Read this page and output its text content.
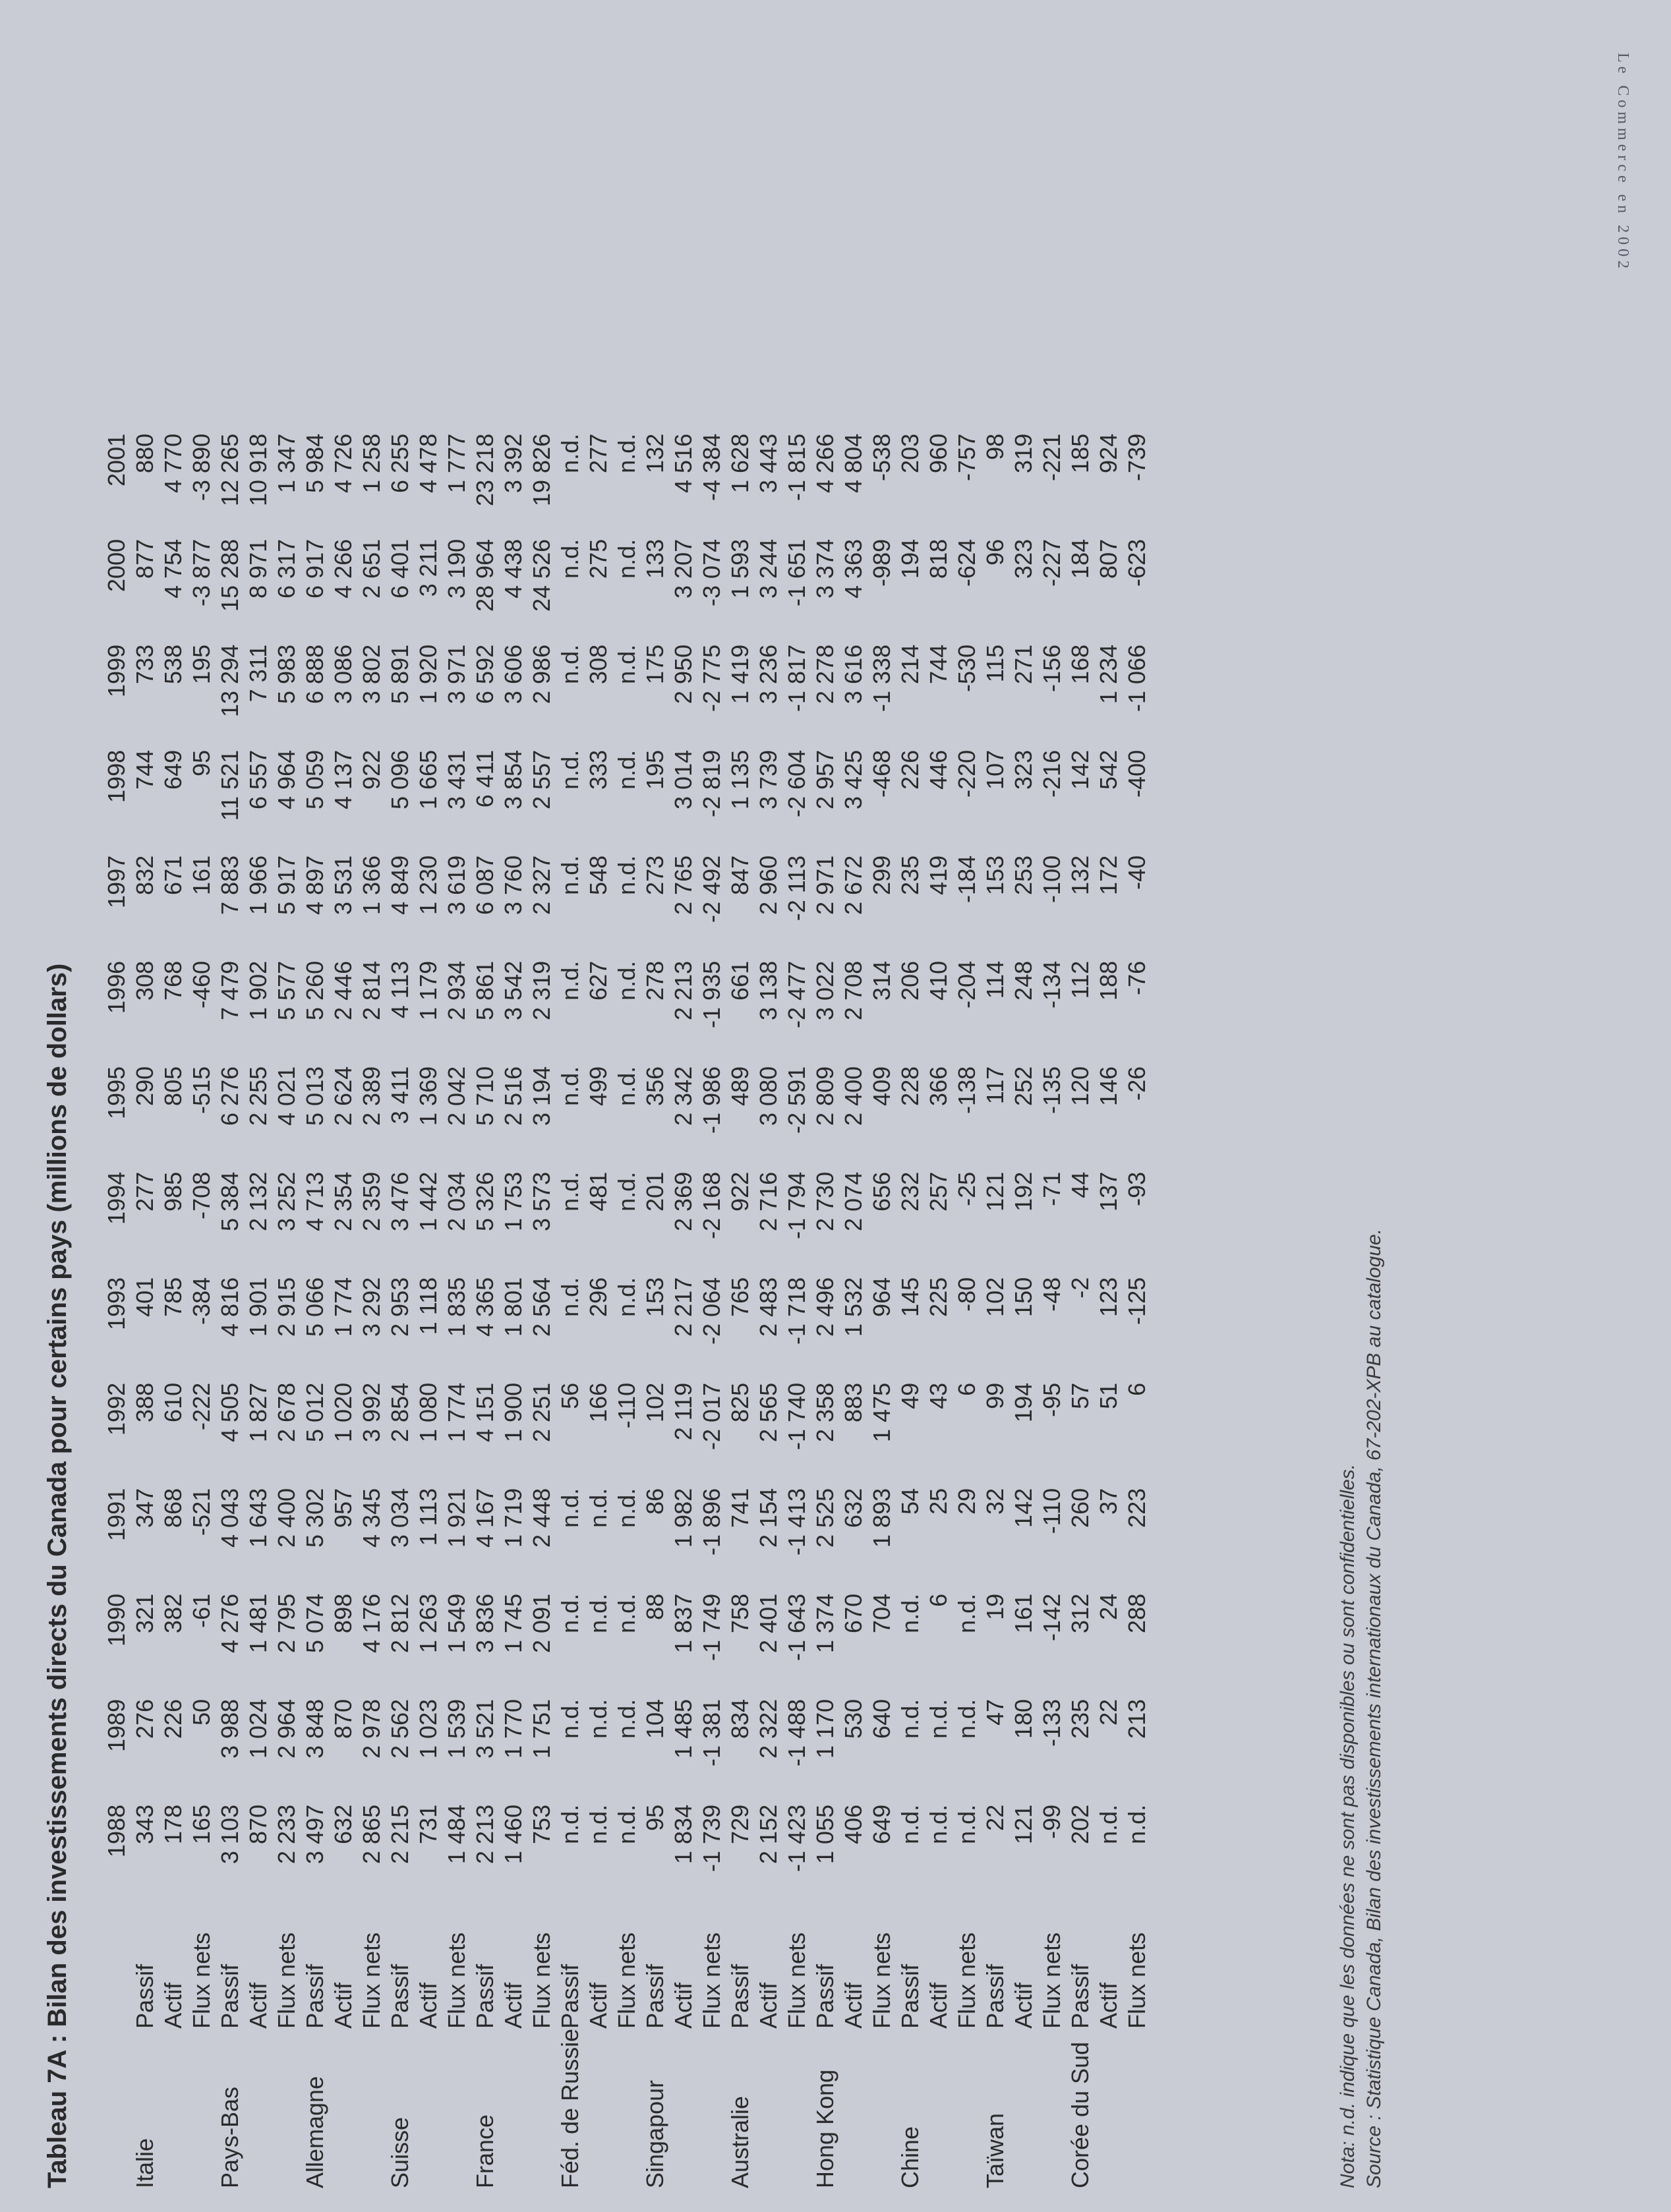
Le Commerce en 2002
Tableau 7A : Bilan des investissements directs du Canada pour certains pays (millions de dollars)
		1988	1989	1990	1991	1992	1993	1994	1995	1996	1997	1998	1999	2000	2001
Italie	Passif	343	276	321	347	388	401	277	290	308	832	744	733	877	880
	Actif	178	226	382	868	610	785	985	805	768	671	649	538	4 754	4 770
	Flux nets	165	50	-61	-521	-222	-384	-708	-515	-460	161	95	195	-3 877	-3 890
Pays-Bas	Passif	3 103	3 988	4 276	4 043	4 505	4 816	5 384	6 276	7 479	7 883	11 521	13 294	15 288	12 265
	Actif	870	1 024	1 481	1 643	1 827	1 901	2 132	2 255	1 902	1 966	6 557	7 311	8 971	10 918
	Flux nets	2 233	2 964	2 795	2 400	2 678	2 915	3 252	4 021	5 577	5 917	4 964	5 983	6 317	1 347
Allemagne	Passif	3 497	3 848	5 074	5 302	5 012	5 066	4 713	5 013	5 260	4 897	5 059	6 888	6 917	5 984
	Actif	632	870	898	957	1 020	1 774	2 354	2 624	2 446	3 531	4 137	3 086	4 266	4 726
	Flux nets	2 865	2 978	4 176	4 345	3 992	3 292	2 359	2 389	2 814	1 366	922	3 802	2 651	1 258
Suisse	Passif	2 215	2 562	2 812	3 034	2 854	2 953	3 476	3 411	4 113	4 849	5 096	5 891	6 401	6 255
	Actif	731	1 023	1 263	1 113	1 080	1 118	1 442	1 369	1 179	1 230	1 665	1 920	3 211	4 478
	Flux nets	1 484	1 539	1 549	1 921	1 774	1 835	2 034	2 042	2 934	3 619	3 431	3 971	3 190	1 777
France	Passif	2 213	3 521	3 836	4 167	4 151	4 365	5 326	5 710	5 861	6 087	6 411	6 592	28 964	23 218
	Actif	1 460	1 770	1 745	1 719	1 900	1 801	1 753	2 516	3 542	3 760	3 854	3 606	4 438	3 392
	Flux nets	753	1 751	2 091	2 448	2 251	2 564	3 573	3 194	2 319	2 327	2 557	2 986	24 526	19 826
Féd. de Russie	Passif	n.d.	n.d.	n.d.	n.d.	56	n.d.	n.d.	n.d.	n.d.	n.d.	n.d.	n.d.	n.d.	n.d.
	Actif	n.d.	n.d.	n.d.	n.d.	166	296	481	499	627	548	333	308	275	277
	Flux nets	n.d.	n.d.	n.d.	n.d.	-110	n.d.	n.d.	n.d.	n.d.	n.d.	n.d.	n.d.	n.d.	n.d.
Singapour	Passif	95	104	88	86	102	153	201	356	278	273	195	175	133	132
	Actif	1 834	1 485	1 837	1 982	2 119	2 217	2 369	2 342	2 213	2 765	3 014	2 950	3 207	4 516
	Flux nets	-1 739	-1 381	-1 749	-1 896	-2 017	-2 064	-2 168	-1 986	-1 935	-2 492	-2 819	-2 775	-3 074	-4 384
Australie	Passif	729	834	758	741	825	765	922	489	661	847	1 135	1 419	1 593	1 628
	Actif	2 152	2 322	2 401	2 154	2 565	2 483	2 716	3 080	3 138	2 960	3 739	3 236	3 244	3 443
	Flux nets	-1 423	-1 488	-1 643	-1 413	-1 740	-1 718	-1 794	-2 591	-2 477	-2 113	-2 604	-1 817	-1 651	-1 815
Hong Kong	Passif	1 055	1 170	1 374	2 525	2 358	2 496	2 730	2 809	3 022	2 971	2 957	2 278	3 374	4 266
	Actif	406	530	670	632	883	1 532	2 074	2 400	2 708	2 672	3 425	3 616	4 363	4 804
	Flux nets	649	640	704	1 893	1 475	964	656	409	314	299	-468	-1 338	-989	-538
Chine	Passif	n.d.	n.d.	n.d.	54	49	145	232	228	206	235	226	214	194	203
	Actif	n.d.	n.d.	6	25	43	225	257	366	410	419	446	744	818	960
	Flux nets	n.d.	n.d.	n.d.	29	6	-80	-25	-138	-204	-184	-220	-530	-624	-757
Taïwan	Passif	22	47	19	32	99	102	121	117	114	153	107	115	96	98
	Actif	121	180	161	142	194	150	192	252	248	253	323	271	323	319
	Flux nets	-99	-133	-142	-110	-95	-48	-71	-135	-134	-100	-216	-156	-227	-221
Corée du Sud	Passif	202	235	312	260	57	-2	44	120	112	132	142	168	184	185
	Actif	n.d.	22	24	37	51	123	137	146	188	172	542	1 234	807	924
	Flux nets	n.d.	213	288	223	6	-125	-93	-26	-76	-40	-400	-1 066	-623	-739
Nota: n.d. indique que les données ne sont pas disponibles ou sont confidentielles. Source : Statistique Canada, Bilan des investissements internationaux du Canada, 67-202-XPB au catalogue.
